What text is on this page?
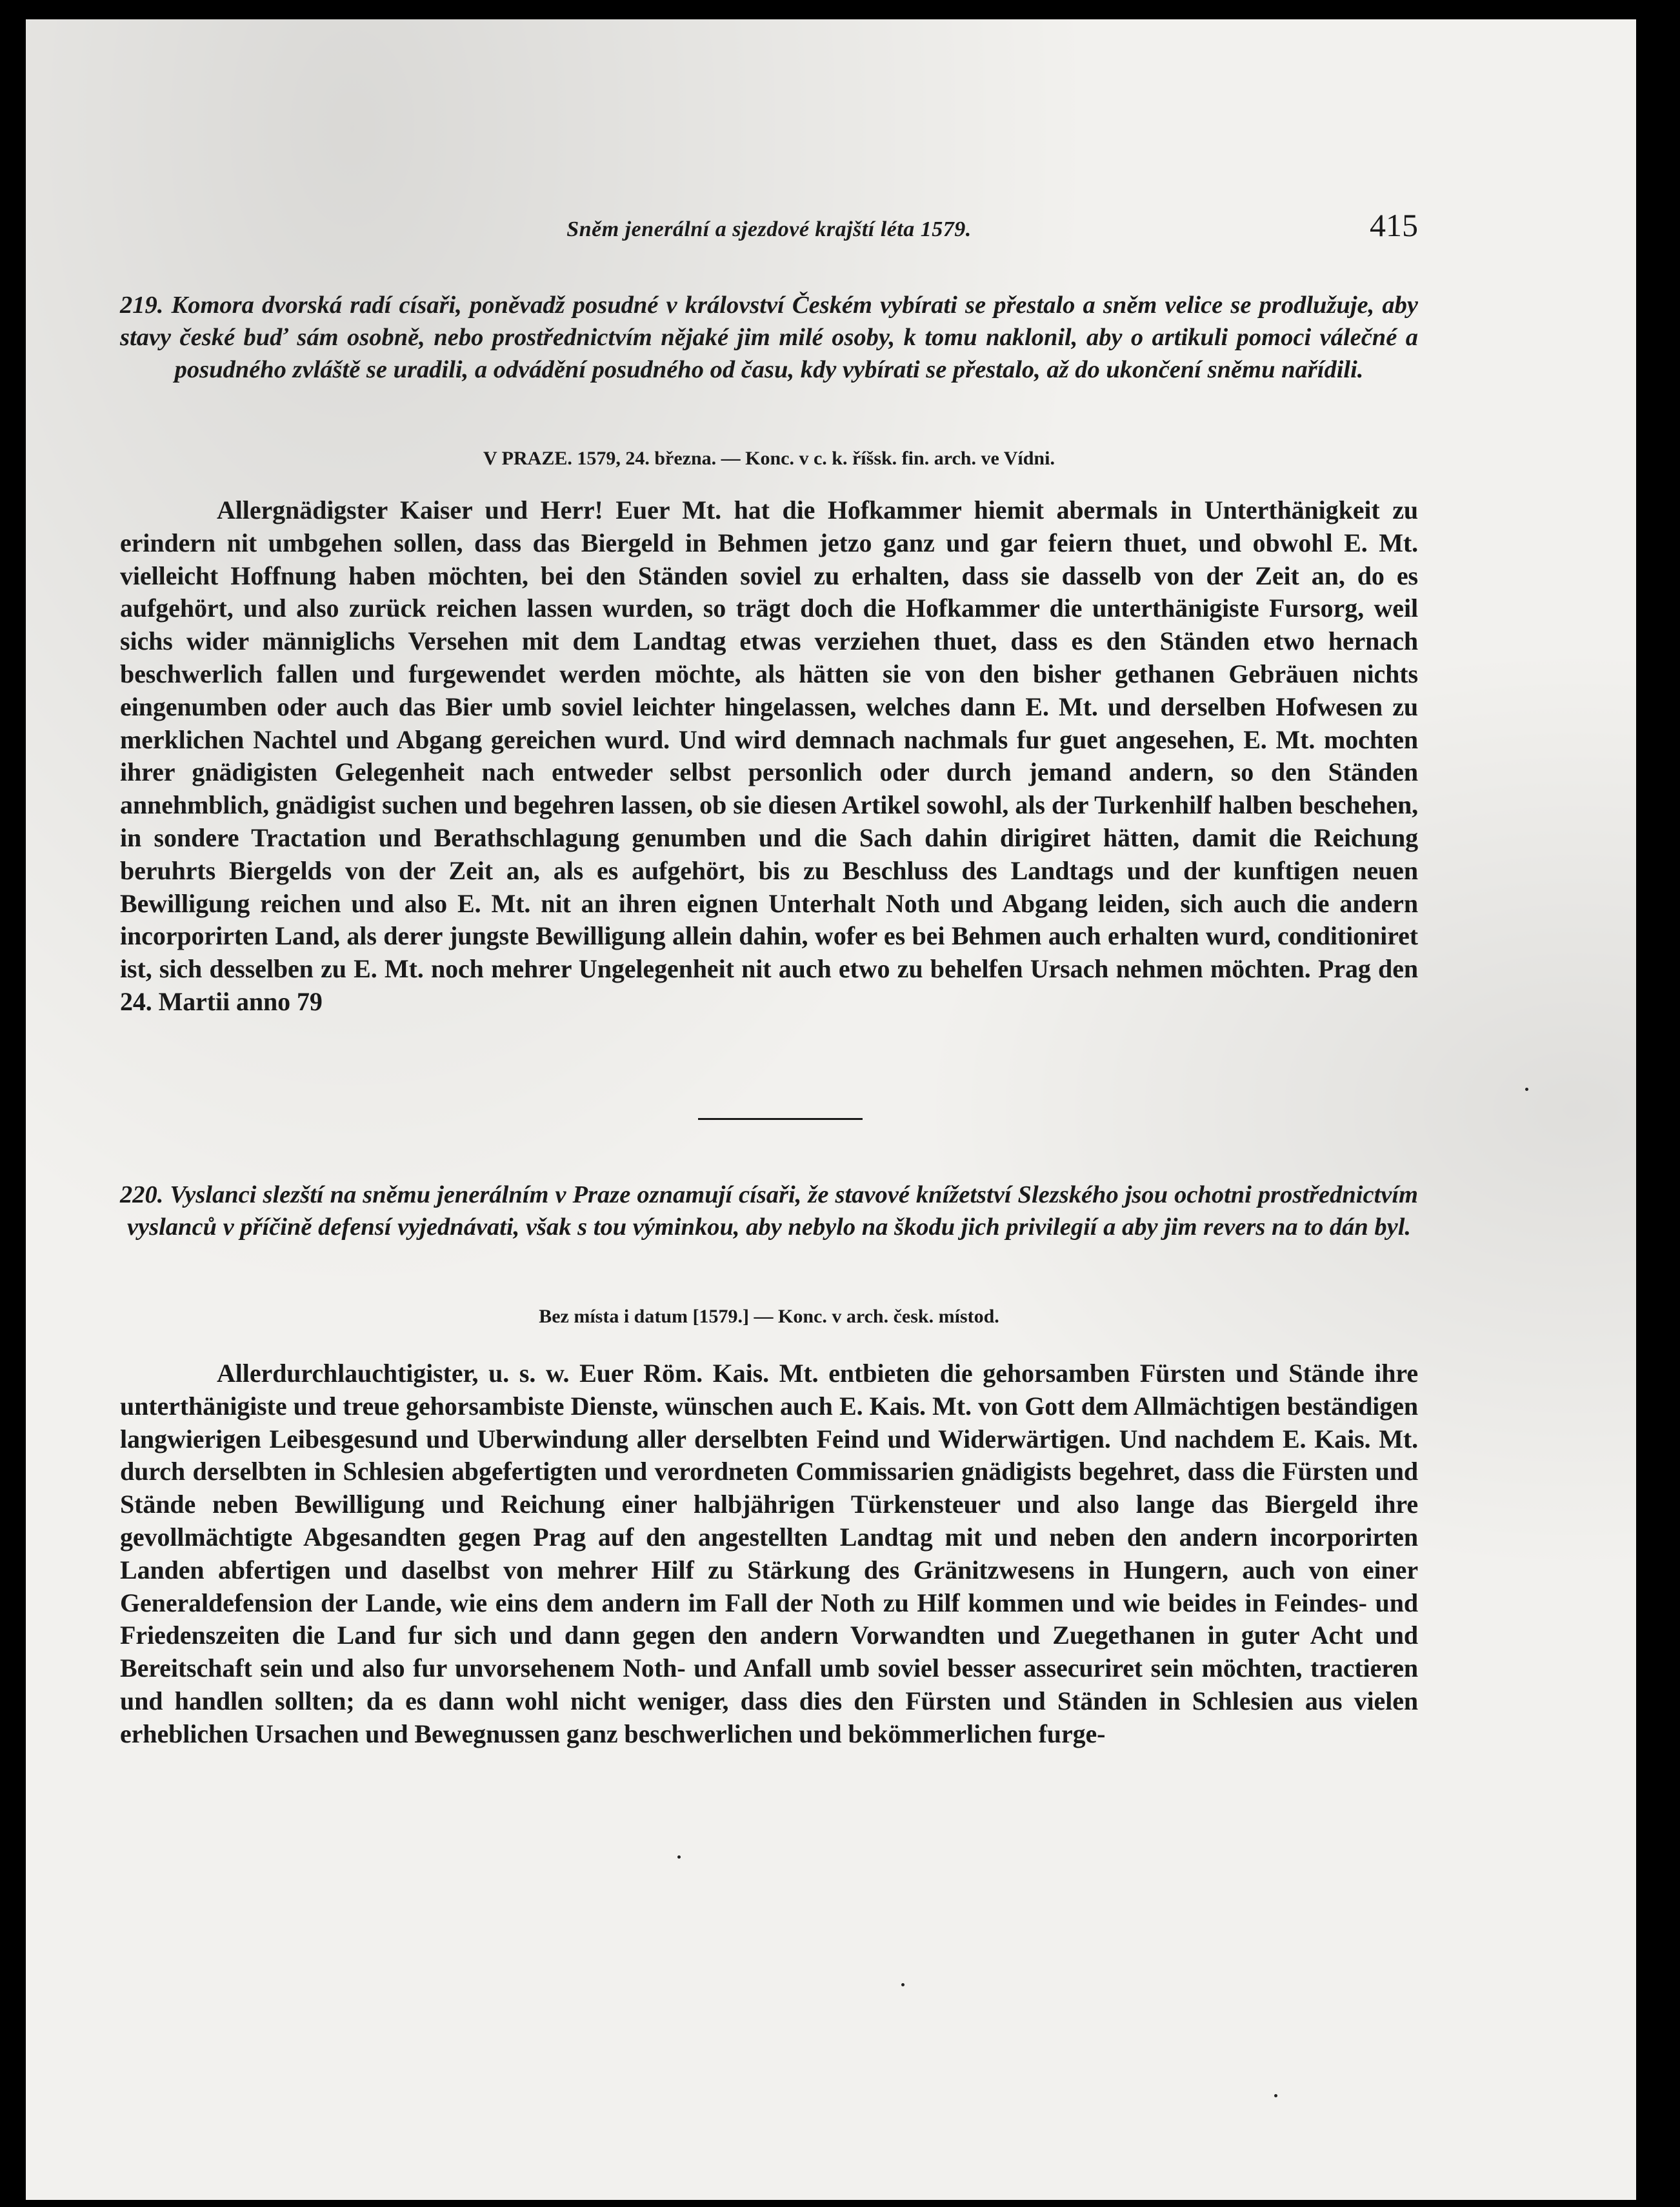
Sněm jenerální a sjezdové krajští léta 1579.	415

219. Komora dvorská radí císaři, poněvadž posudné v království Českém vybírati se přestalo a sněm velice se prodlužuje, aby stavy české buď sám osobně, nebo prostřednictvím nějaké jim milé osoby, k tomu naklonil, aby o artikuli pomoci válečné a posudného zvláště se uradili, a odvádění posudného od času, kdy vybírati se přestalo, až do ukončení sněmu nařídili.

V PRAZE. 1579, 24. března. — Konc. v c. k. říšsk. fin. arch. ve Vídni.

Allergnädigster Kaiser und Herr! Euer Mt. hat die Hofkammer hiemit abermals in Unterthänigkeit zu erindern nit umbgehen sollen, dass das Biergeld in Behmen jetzo ganz und gar feiern thuet, und obwohl E. Mt. vielleicht Hoffnung haben möchten, bei den Ständen soviel zu erhalten, dass sie dasselb von der Zeit an, do es aufgehört, und also zurück reichen lassen wurden, so trägt doch die Hofkammer die unterthänigiste Fursorg, weil sichs wider männiglichs Versehen mit dem Landtag etwas verziehen thuet, dass es den Ständen etwo hernach beschwerlich fallen und furgewendet werden möchte, als hätten sie von den bisher gethanen Gebräuen nichts eingenumben oder auch das Bier umb soviel leichter hingelassen, welches dann E. Mt. und derselben Hofwesen zu merklichen Nachtel und Abgang gereichen wurd. Und wird demnach nachmals fur guet angesehen, E. Mt. mochten ihrer gnädigisten Gelegenheit nach entweder selbst personlich oder durch jemand andern, so den Ständen annehmblich, gnädigist suchen und begehren lassen, ob sie diesen Artikel sowohl, als der Turkenhilf halben beschehen, in sondere Tractation und Berathschlagung genumben und die Sach dahin dirigiret hätten, damit die Reichung beruhrts Biergelds von der Zeit an, als es aufgehört, bis zu Beschluss des Landtags und der kunftigen neuen Bewilligung reichen und also E. Mt. nit an ihren eignen Unterhalt Noth und Abgang leiden, sich auch die andern incorporirten Land, als derer jungste Bewilligung allein dahin, wofer es bei Behmen auch erhalten wurd, conditioniret ist, sich desselben zu E. Mt. noch mehrer Ungelegenheit nit auch etwo zu behelfen Ursach nehmen möchten. Prag den 24. Martii anno 79

220. Vyslanci slezští na sněmu jenerálním v Praze oznamují císaři, že stavové knížetství Slezského jsou ochotni prostřednictvím vyslanců v příčině defensí vyjednávati, však s tou výminkou, aby nebylo na škodu jich privilegií a aby jim revers na to dán byl.

Bez místa i datum [1579.] — Konc. v arch. česk. místod.

Allerdurchlauchtigister, u. s. w. Euer Röm. Kais. Mt. entbieten die gehorsamben Fürsten und Stände ihre unterthänigiste und treue gehorsambiste Dienste, wünschen auch E. Kais. Mt. von Gott dem Allmächtigen beständigen langwierigen Leibesgesund und Uberwindung aller derselbten Feind und Widerwärtigen. Und nachdem E. Kais. Mt. durch derselbten in Schlesien abgefertigten und verordneten Commissarien gnädigists begehret, dass die Fürsten und Stände neben Bewilligung und Reichung einer halbjährigen Türkensteuer und also lange das Biergeld ihre gevollmächtigte Abgesandten gegen Prag auf den angestellten Landtag mit und neben den andern incorporirten Landen abfertigen und daselbst von mehrer Hilf zu Stärkung des Gränitzwesens in Hungern, auch von einer Generaldefension der Lande, wie eins dem andern im Fall der Noth zu Hilf kommen und wie beides in Feindes- und Friedenszeiten die Land fur sich und dann gegen den andern Vorwandten und Zuegethanen in guter Acht und Bereitschaft sein und also fur unvorsehenem Noth- und Anfall umb soviel besser assecuriret sein möchten, tractieren und handlen sollten; da es dann wohl nicht weniger, dass dies den Fürsten und Ständen in Schlesien aus vielen erheblichen Ursachen und Bewegnussen ganz beschwerlichen und bekömmerlichen furge-
